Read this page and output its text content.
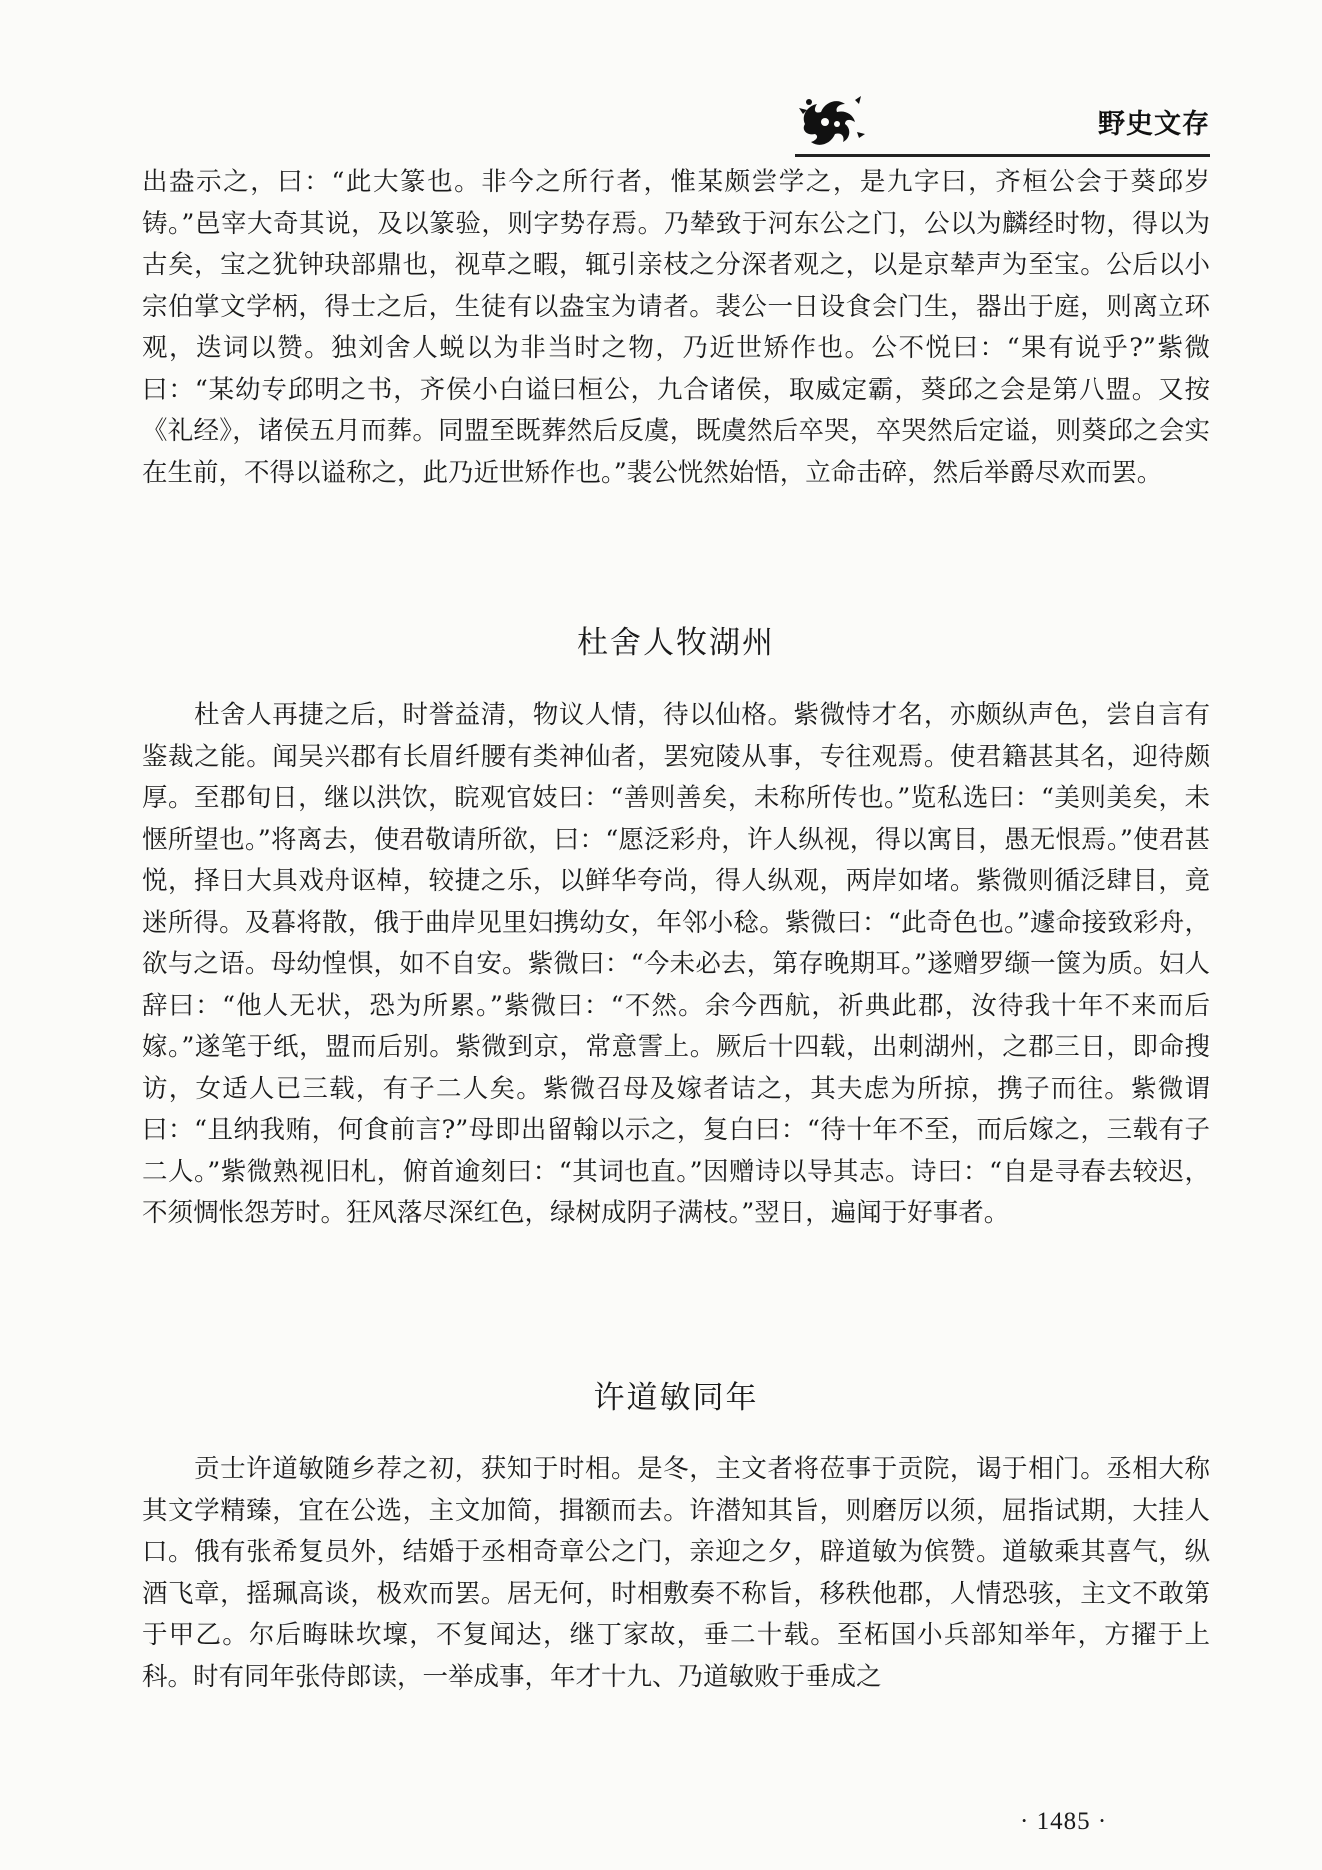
野史文存

出盎示之，曰：“此大篆也。非今之所行者，惟某颇尝学之，是九字曰，齐桓公会于葵邱岁铸。”邑宰大奇其说，及以篆验，则字势存焉。乃辇致于河东公之门，公以为麟经时物，得以为古矣，宝之犹钟玦部鼎也，视草之暇，辄引亲枝之分深者观之，以是京辇声为至宝。公后以小宗伯掌文学柄，得士之后，生徒有以盎宝为请者。裴公一日设食会门生，器出于庭，则离立环观，迭词以赞。独刘舍人蜕以为非当时之物，乃近世矫作也。公不悦曰：“果有说乎?”紫微曰：“某幼专邱明之书，齐侯小白谥曰桓公，九合诸侯，取威定霸，葵邱之会是第八盟。又按《礼经》，诸侯五月而葬。同盟至既葬然后反虞，既虞然后卒哭，卒哭然后定谥，则葵邱之会实在生前，不得以谥称之，此乃近世矫作也。”裴公恍然始悟，立命击碎，然后举爵尽欢而罢。

杜舍人牧湖州

杜舍人再捷之后，时誉益清，物议人情，待以仙格。紫微恃才名，亦颇纵声色，尝自言有鉴裁之能。闻吴兴郡有长眉纤腰有类神仙者，罢宛陵从事，专往观焉。使君籍甚其名，迎待颇厚。至郡旬日，继以洪饮，睆观官妓曰：“善则善矣，未称所传也。”览私选曰：“美则美矣，未惬所望也。”将离去，使君敬请所欲，曰：“愿泛彩舟，许人纵视，得以寓目，愚无恨焉。”使君甚悦，择日大具戏舟讴棹，较捷之乐，以鲜华夸尚，得人纵观，两岸如堵。紫微则循泛肆目，竟迷所得。及暮将散，俄于曲岸见里妇携幼女，年邻小稔。紫微曰：“此奇色也。”遽命接致彩舟，欲与之语。母幼惶惧，如不自安。紫微曰：“今未必去，第存晚期耳。”遂赠罗缬一箧为质。妇人辞曰：“他人无状，恐为所累。”紫微曰：“不然。余今西航，祈典此郡，汝待我十年不来而后嫁。”遂笔于纸，盟而后别。紫微到京，常意霅上。厥后十四载，出刺湖州，之郡三日，即命搜访，女适人已三载，有子二人矣。紫微召母及嫁者诘之，其夫虑为所掠，携子而往。紫微谓曰：“且纳我贿，何食前言?”母即出留翰以示之，复白曰：“待十年不至，而后嫁之，三载有子二人。”紫微熟视旧札，俯首逾刻曰：“其词也直。”因赠诗以导其志。诗曰：“自是寻春去较迟，不须惆怅怨芳时。狂风落尽深红色，绿树成阴子满枝。”翌日，遍闻于好事者。

许道敏同年

贡士许道敏随乡荐之初，获知于时相。是冬，主文者将莅事于贡院，谒于相门。丞相大称其文学精臻，宜在公选，主文加简，揖额而去。许潜知其旨，则磨厉以须，屈指试期，大挂人口。俄有张希复员外，结婚于丞相奇章公之门，亲迎之夕，辟道敏为傧赞。道敏乘其喜气，纵酒飞章，摇珮高谈，极欢而罢。居无何，时相敷奏不称旨，移秩他郡，人情恐骇，主文不敢第于甲乙。尔后晦昧坎壈，不复闻达，继丁家故，垂二十载。至柘国小兵部知举年，方擢于上科。时有同年张侍郎读，一举成事，年才十九、乃道敏败于垂成之

· 1485 ·
